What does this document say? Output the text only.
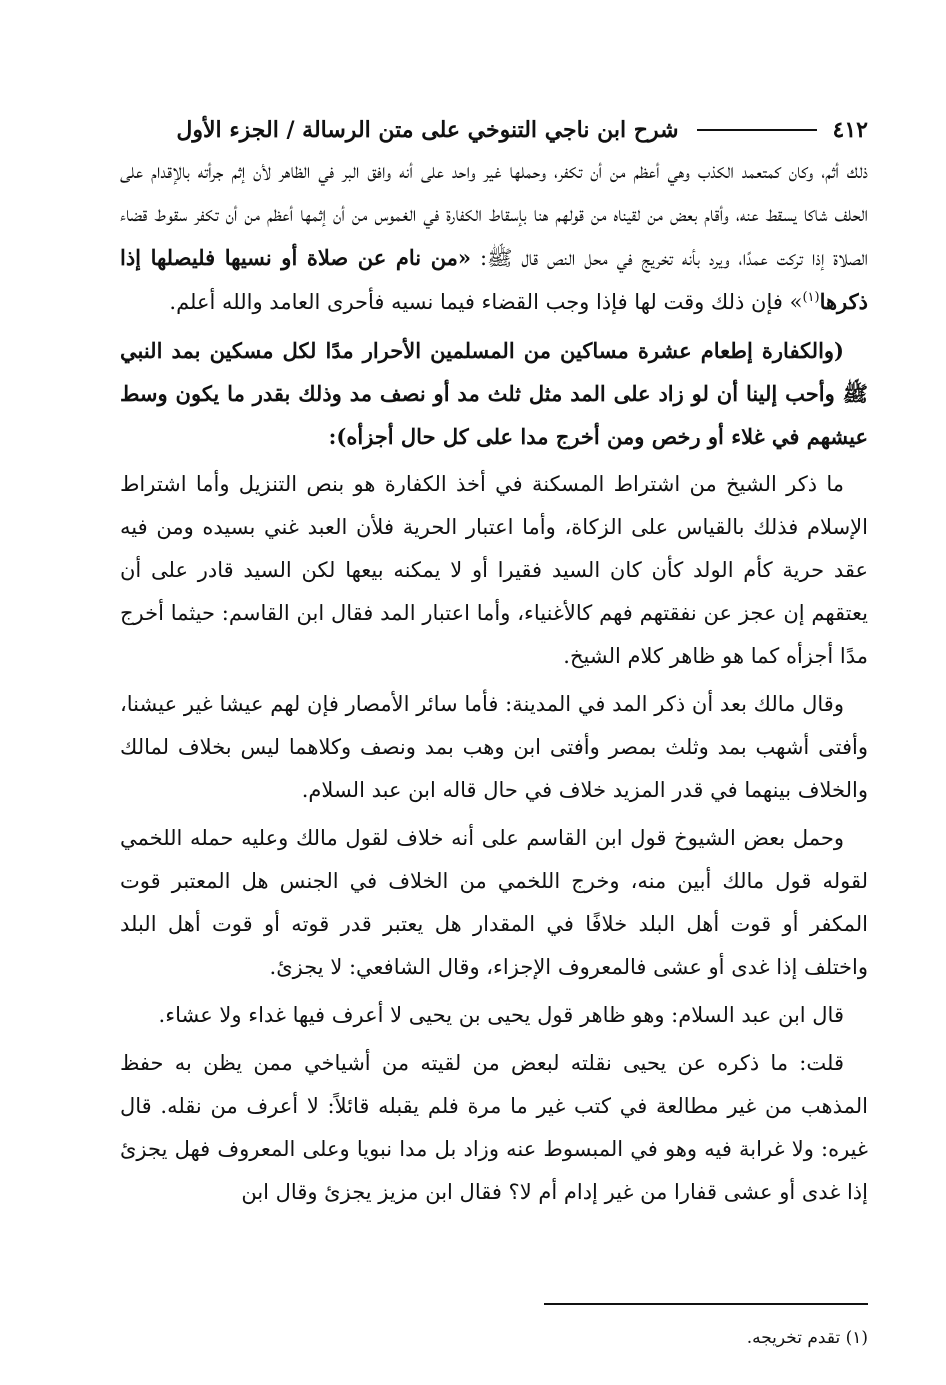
٤١٢
شرح ابن ناجي التنوخي على متن الرسالة / الجزء الأول

ذلك أثم، وكان كمتعمد الكذب وهي أعظم من أن تكفر، وحملها غير واحد على أنه وافق البر في الظاهر لأن إثم جرأته بالإقدام على الحلف شاكا يسقط عنه، وأقام بعض من لقيناه من قولهم هنا بإسقاط الكفارة في الغموس من أن إثمها أعظم من أن تكفر سقوط قضاء الصلاة إذا تركت عمدًا، ويرد بأنه تخريج في محل النص قال ﷺ: «من نام عن صلاة أو نسيها فليصلها إذا ذكرها$^{(١)}$» فإن ذلك وقت لها فإذا وجب القضاء فيما نسيه فأحرى العامد والله أعلم.

(والكفارة إطعام عشرة مساكين من المسلمين الأحرار مدًا لكل مسكين بمد النبي ﷺ وأحب إلينا أن لو زاد على المد مثل ثلث مد أو نصف مد وذلك بقدر ما يكون وسط عيشهم في غلاء أو رخص ومن أخرج مدا على كل حال أجزأه):

ما ذكر الشيخ من اشتراط المسكنة في أخذ الكفارة هو بنص التنزيل وأما اشتراط الإسلام فذلك بالقياس على الزكاة، وأما اعتبار الحرية فلأن العبد غني بسيده ومن فيه عقد حرية كأم الولد كأن كان السيد فقيرا أو لا يمكنه بيعها لكن السيد قادر على أن يعتقهم إن عجز عن نفقتهم فهم كالأغنياء، وأما اعتبار المد فقال ابن القاسم: حيثما أخرج مدًا أجزأه كما هو ظاهر كلام الشيخ.

وقال مالك بعد أن ذكر المد في المدينة: فأما سائر الأمصار فإن لهم عيشا غير عيشنا، وأفتى أشهب بمد وثلث بمصر وأفتى ابن وهب بمد ونصف وكلاهما ليس بخلاف لمالك والخلاف بينهما في قدر المزيد خلاف في حال قاله ابن عبد السلام.

وحمل بعض الشيوخ قول ابن القاسم على أنه خلاف لقول مالك وعليه حمله اللخمي لقوله قول مالك أبين منه، وخرج اللخمي من الخلاف في الجنس هل المعتبر قوت المكفر أو قوت أهل البلد خلافًا في المقدار هل يعتبر قدر قوته أو قوت أهل البلد واختلف إذا غدى أو عشى فالمعروف الإجزاء، وقال الشافعي: لا يجزئ.

قال ابن عبد السلام: وهو ظاهر قول يحيى بن يحيى لا أعرف فيها غداء ولا عشاء.

قلت: ما ذكره عن يحيى نقلته لبعض من لقيته من أشياخي ممن يظن به حفظ المذهب من غير مطالعة في كتب غير ما مرة فلم يقبله قائلاً: لا أعرف من نقله. قال غيره: ولا غرابة فيه وهو في المبسوط عنه وزاد بل مدا نبويا وعلى المعروف فهل يجزئ إذا غدى أو عشى قفارا من غير إدام أم لا؟ فقال ابن مزيز يجزئ وقال ابن

(١) تقدم تخريجه.
